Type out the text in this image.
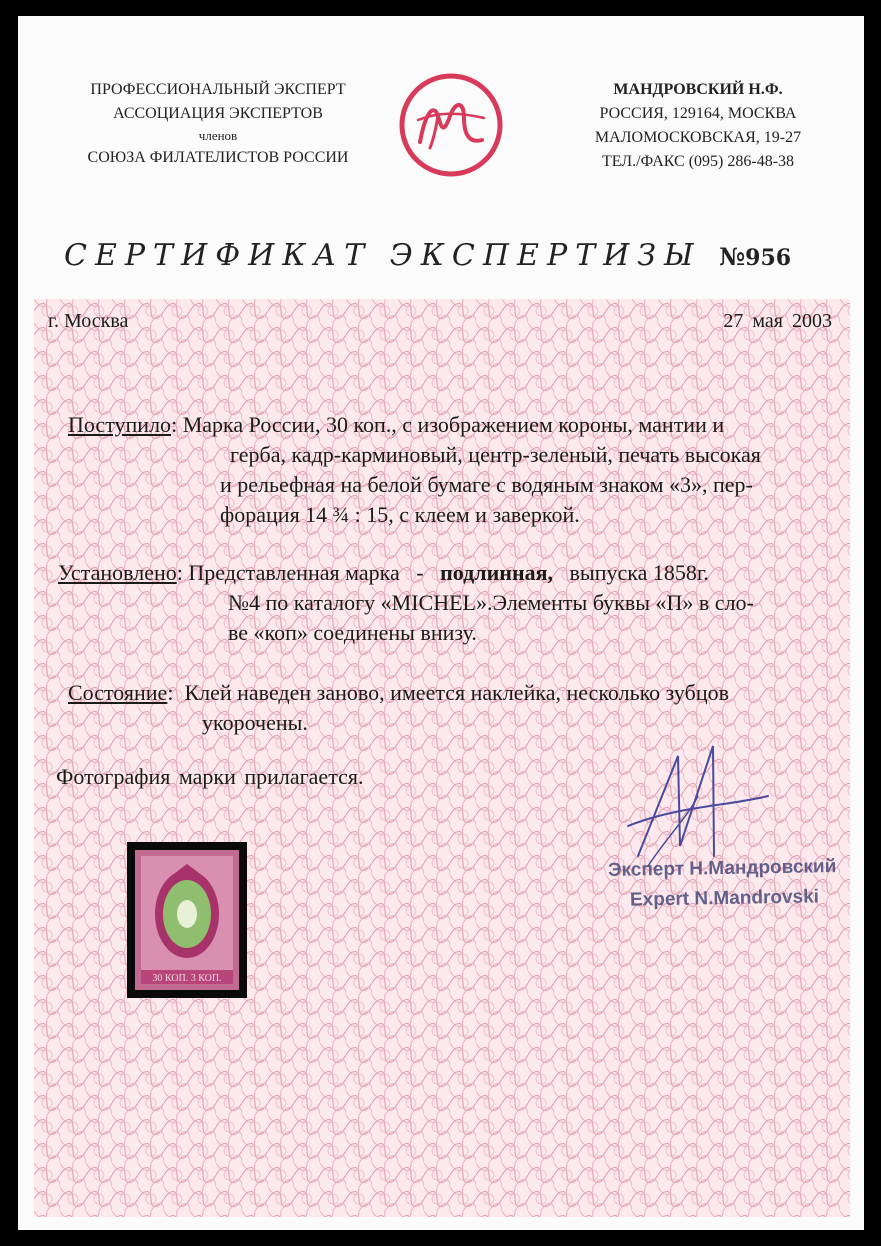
ПРОФЕССИОНАЛЬНЫЙ ЭКСПЕРТ
АССОЦИАЦИЯ ЭКСПЕРТОВ
членов
СОЮЗА ФИЛАТЕЛИСТОВ РОССИИ
M
МАНДРОВСКИЙ Н.Ф.
РОССИЯ, 129164, МОСКВА
МАЛОМОСКОВСКАЯ, 19-27
ТЕЛ./ФАКС (095) 286-48-38
СЕРТИФИКАТ ЭКСПЕРТИЗЫ №956
г. Москва	27 мая 2003
Поступило: Марка России, 30 коп., с изображением короны, мантии и
герба, кадр-карминовый, центр-зеленый, печать высокая
и рельефная на белой бумаге с водяным знаком «3», пер-
форация 14 ¾ : 15, с клеем и заверкой.
Установлено: Представленная марка - подлинная, выпуска 1858г.
№4 по каталогу «MICHEL».Элементы буквы «П» в сло-
ве «коп» соединены внизу.
Состояние:  Клей наведен заново, имеется наклейка, несколько зубцов
укорочены.
Фотография марки прилагается.
30 КОП. 3 КОП.
Эксперт Н.Мандровский
Expert N.Mandrovski
